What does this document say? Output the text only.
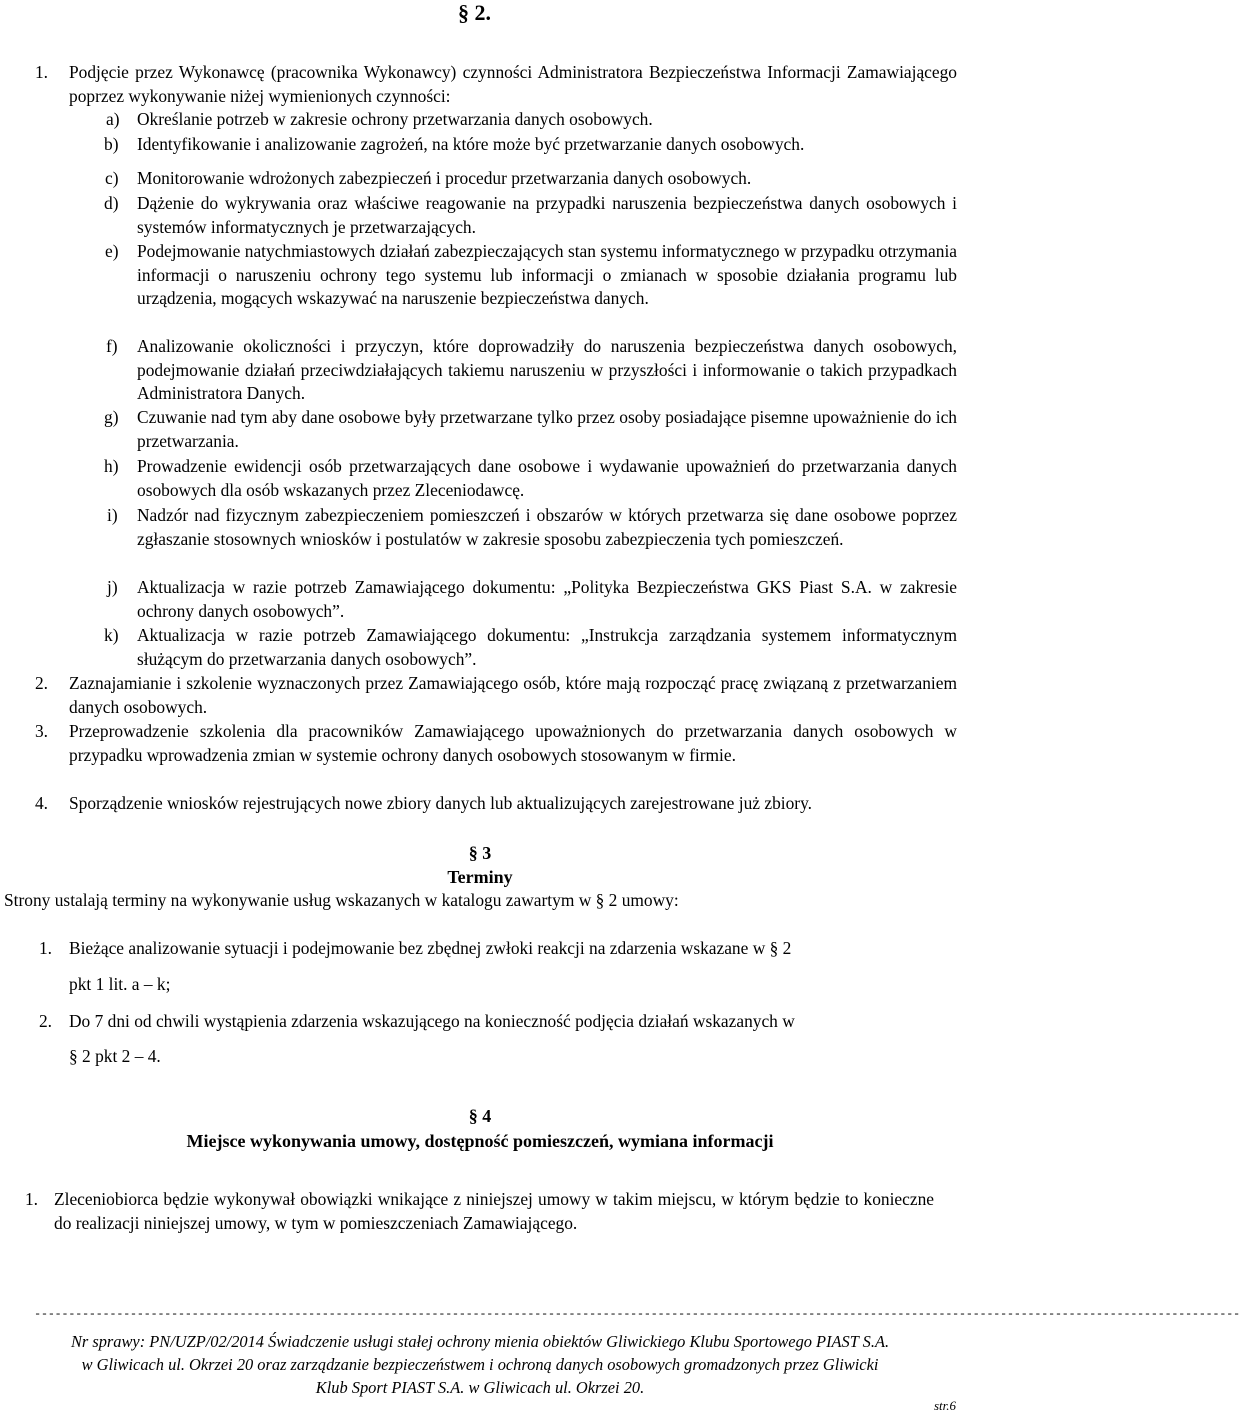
§ 2.
1. Podjęcie przez Wykonawcę (pracownika Wykonawcy) czynności Administratora Bezpieczeństwa Informacji Zamawiającego poprzez wykonywanie niżej wymienionych czynności:
a) Określanie potrzeb w zakresie ochrony przetwarzania danych osobowych.
b) Identyfikowanie i analizowanie zagrożeń, na które może być przetwarzanie danych osobowych.
c) Monitorowanie wdrożonych zabezpieczeń i procedur przetwarzania danych osobowych.
d) Dążenie do wykrywania oraz właściwe reagowanie na przypadki naruszenia bezpieczeństwa danych osobowych i systemów informatycznych je przetwarzających.
e) Podejmowanie natychmiastowych działań zabezpieczających stan systemu informatycznego w przypadku otrzymania informacji o naruszeniu ochrony tego systemu lub informacji o zmianach w sposobie działania programu lub urządzenia, mogących wskazywać na naruszenie bezpieczeństwa danych.
f) Analizowanie okoliczności i przyczyn, które doprowadziły do naruszenia bezpieczeństwa danych osobowych, podejmowanie działań przeciwdziałających takiemu naruszeniu w przyszłości i informowanie o takich przypadkach Administratora Danych.
g) Czuwanie nad tym aby dane osobowe były przetwarzane tylko przez osoby posiadające pisemne upoważnienie do ich przetwarzania.
h) Prowadzenie ewidencji osób przetwarzających dane osobowe i wydawanie upoważnień do przetwarzania danych osobowych dla osób wskazanych przez Zleceniodawcę.
i) Nadzór nad fizycznym zabezpieczeniem pomieszczeń i obszarów w których przetwarza się dane osobowe poprzez zgłaszanie stosownych wniosków i postulatów w zakresie sposobu zabezpieczenia tych pomieszczeń.
j) Aktualizacja w razie potrzeb Zamawiającego dokumentu: „Polityka Bezpieczeństwa GKS Piast S.A. w zakresie ochrony danych osobowych”.
k) Aktualizacja w razie potrzeb Zamawiającego dokumentu: „Instrukcja zarządzania systemem informatycznym służącym do przetwarzania danych osobowych”.
2. Zaznajamianie i szkolenie wyznaczonych przez Zamawiającego osób, które mają rozpocząć pracę związaną z przetwarzaniem danych osobowych.
3. Przeprowadzenie szkolenia dla pracowników Zamawiającego upoważnionych do przetwarzania danych osobowych w przypadku wprowadzenia zmian w systemie ochrony danych osobowych stosowanym w firmie.
4. Sporządzenie wniosków rejestrujących nowe zbiory danych lub aktualizujących zarejestrowane już zbiory.
§ 3
Terminy
Strony ustalają terminy na wykonywanie usług wskazanych w katalogu zawartym w § 2 umowy:
1. Bieżące analizowanie sytuacji i podejmowanie bez zbędnej zwłoki reakcji na zdarzenia wskazane w § 2
pkt 1 lit. a – k;
2. Do 7 dni od chwili wystąpienia zdarzenia wskazującego na konieczność podjęcia działań wskazanych w
§ 2 pkt 2 – 4.
§ 4
Miejsce wykonywania umowy, dostępność pomieszczeń, wymiana informacji
1. Zleceniobiorca będzie wykonywał obowiązki wnikające z niniejszej umowy w takim miejscu, w którym będzie to konieczne do realizacji niniejszej umowy, w tym w pomieszczeniach Zamawiającego.
--------------------------------------------------------------------------------------------------------------------------------------------------------------------------------
Nr sprawy: PN/UZP/02/2014 Świadczenie usługi stałej ochrony mienia obiektów Gliwickiego Klubu Sportowego PIAST S.A.
w Gliwicach ul. Okrzei 20 oraz zarządzanie bezpieczeństwem i ochroną danych osobowych gromadzonych przez Gliwicki
Klub Sport PIAST S.A. w Gliwicach ul. Okrzei 20.
str.6
